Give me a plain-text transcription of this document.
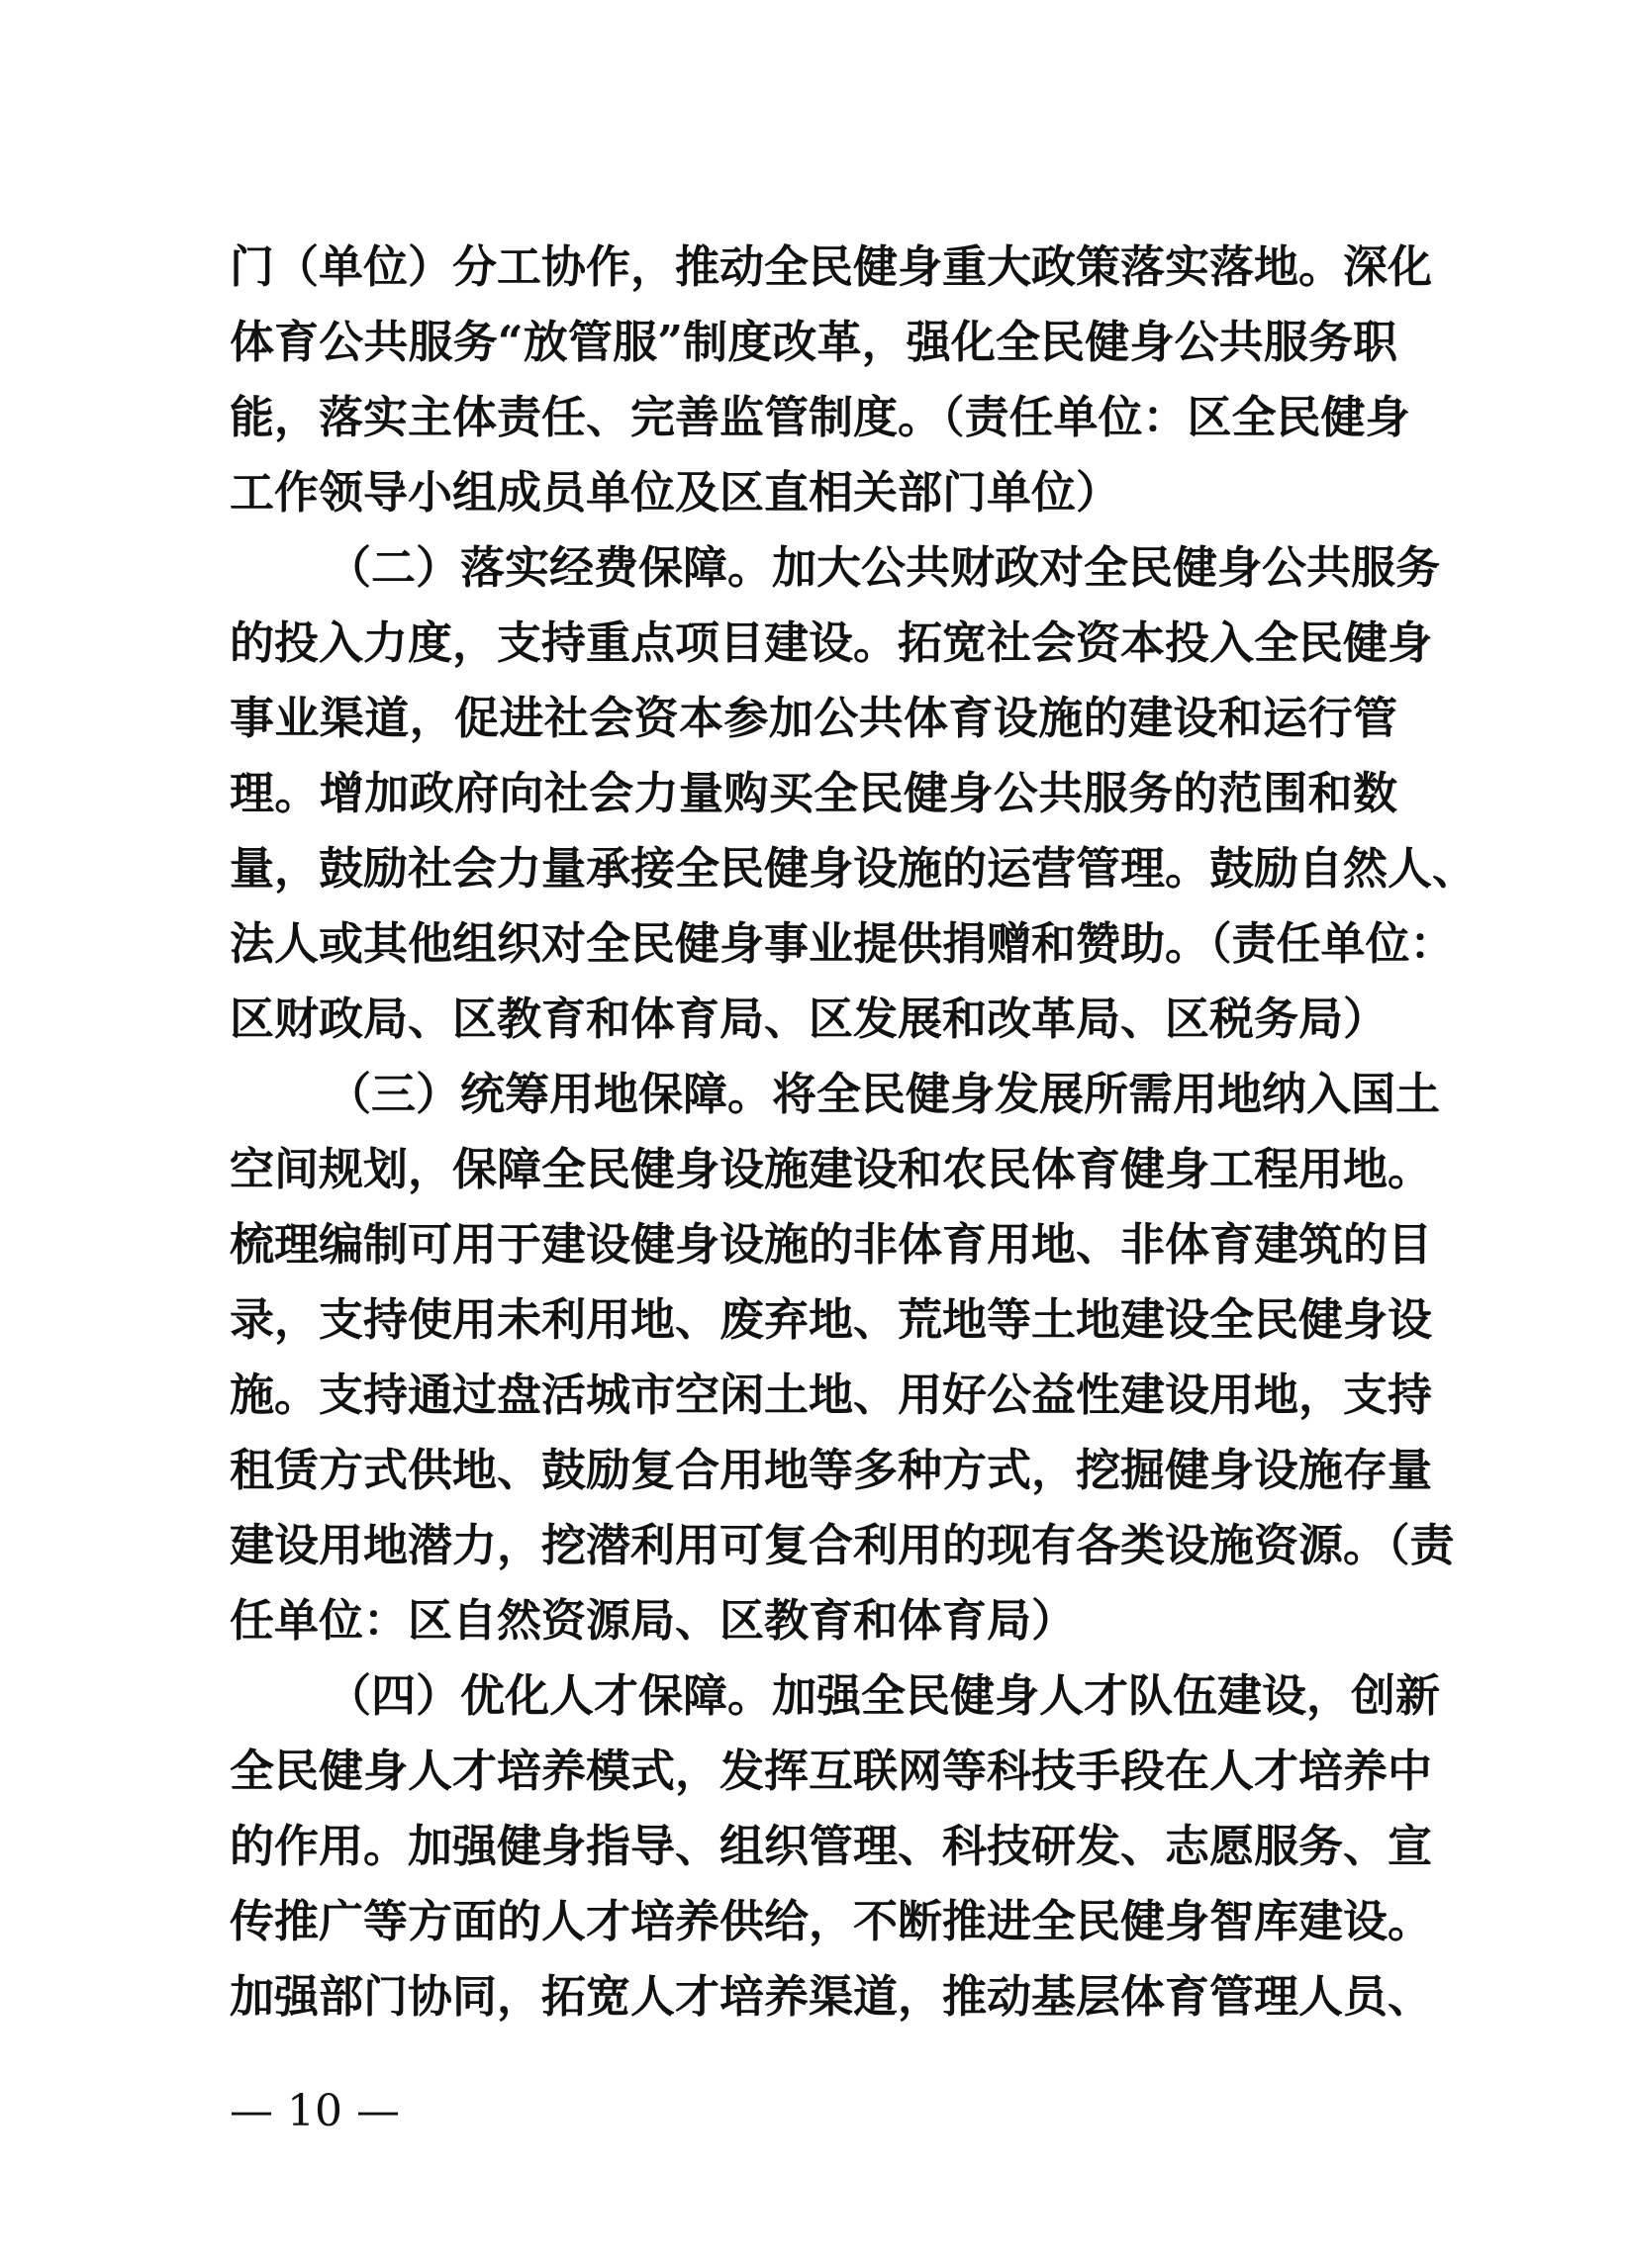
门（单位）分工协作，推动全民健身重大政策落实落地。深化
体育公共服务“放管服”制度改革，强化全民健身公共服务职
能，落实主体责任、完善监管制度。（责任单位：区全民健身
工作领导小组成员单位及区直相关部门单位）
（二）落实经费保障。加大公共财政对全民健身公共服务
的投入力度，支持重点项目建设。拓宽社会资本投入全民健身
事业渠道，促进社会资本参加公共体育设施的建设和运行管
理。增加政府向社会力量购买全民健身公共服务的范围和数
量，鼓励社会力量承接全民健身设施的运营管理。鼓励自然人、
法人或其他组织对全民健身事业提供捐赠和赞助。（责任单位：
区财政局、区教育和体育局、区发展和改革局、区税务局）
（三）统筹用地保障。将全民健身发展所需用地纳入国土
空间规划，保障全民健身设施建设和农民体育健身工程用地。
梳理编制可用于建设健身设施的非体育用地、非体育建筑的目
录，支持使用未利用地、废弃地、荒地等土地建设全民健身设
施。支持通过盘活城市空闲土地、用好公益性建设用地，支持
租赁方式供地、鼓励复合用地等多种方式，挖掘健身设施存量
建设用地潜力，挖潜利用可复合利用的现有各类设施资源。（责
任单位：区自然资源局、区教育和体育局）
（四）优化人才保障。加强全民健身人才队伍建设，创新
全民健身人才培养模式，发挥互联网等科技手段在人才培养中
的作用。加强健身指导、组织管理、科技研发、志愿服务、宣
传推广等方面的人才培养供给，不断推进全民健身智库建设。
加强部门协同，拓宽人才培养渠道，推动基层体育管理人员、
— 10 —
